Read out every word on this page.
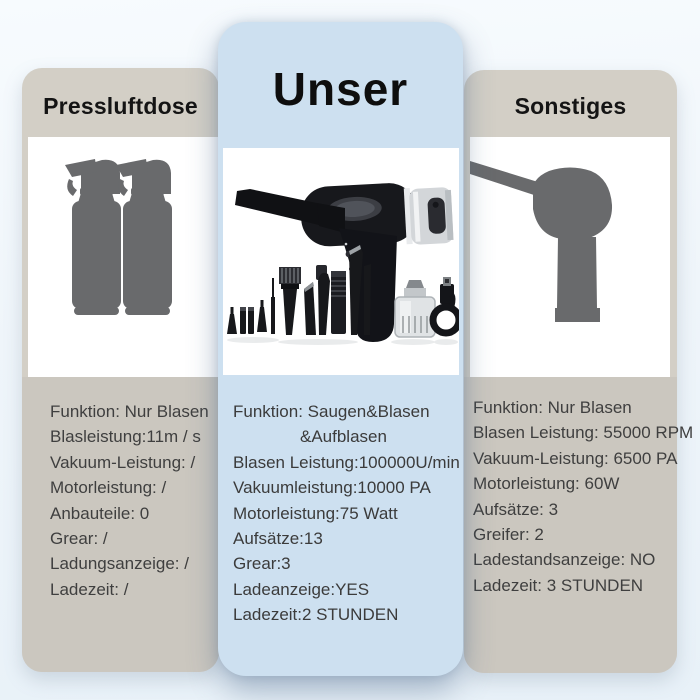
Pressluftdose
Funktion: Nur Blasen
Blasleistung:11m / s
Vakuum-Leistung: /
Motorleistung: /
Anbauteile: 0
Grear: /
Ladungsanzeige: /
Ladezeit: /
Sonstiges
Funktion: Nur Blasen
Blasen Leistung: 55000 RPM
Vakuum-Leistung: 6500 PA
Motorleistung: 60W
Aufsätze: 3
Greifer: 2
Ladestandsanzeige: NO
Ladezeit: 3 STUNDEN
Unser
Funktion: Saugen&Blasen
&Aufblasen
Blasen Leistung:100000U/min
Vakuumleistung:10000 PA
Motorleistung:75 Watt
Aufsätze:13
Grear:3
Ladeanzeige:YES
Ladezeit:2 STUNDEN
